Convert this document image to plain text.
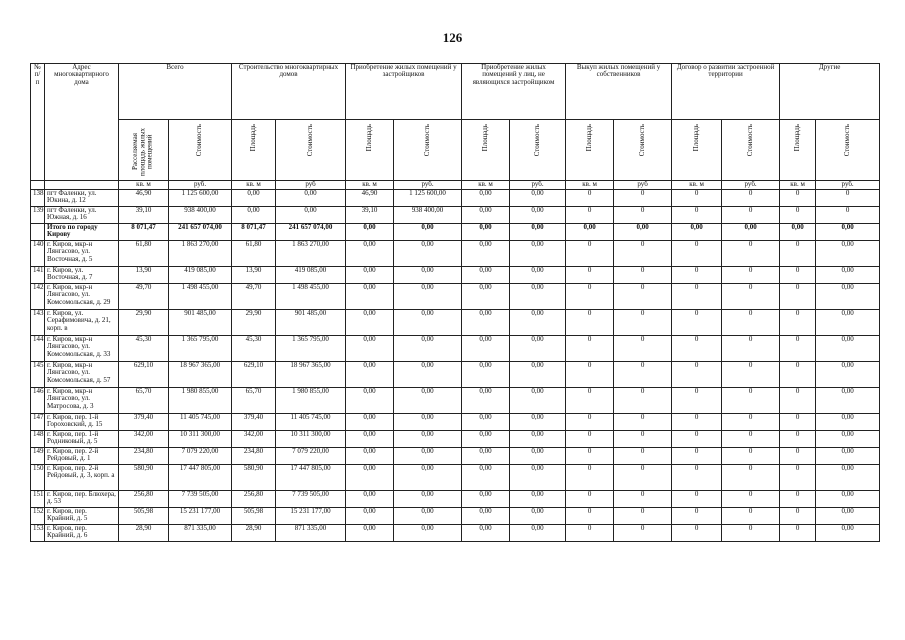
126
№ п/п	Адрес многоквартирного дома	Всего		Строительство многоквартирных домов		Приобретение жилых помещений у застройщиков		Приобретение жилых помещений у лиц, не являющихся застройщиком		Выкуп жилых помещений у собственников		Договор о развитии застроенной территории		Другие	

		Расселяемая площадь жилых помещений	Стоимость	Площадь	Стоимость	Площадь	Стоимость	Площадь	Стоимость	Площадь	Стоимость	Площадь	Стоимость	Площадь	Стоимость

		кв. м	руб.	кв. м	руб	кв. м	руб.	кв. м	руб.	кв. м	руб	кв. м	руб.	кв. м	руб.
138	пгт Фаленки, ул. Юкина, д. 12	46,90	1 125 600,00	0,00	0,00	46,90	1 125 600,00	0,00	0,00	0	0	0	0	0	0
139	пгт Фаленки, ул. Южная, д. 16	39,10	938 400,00	0,00	0,00	39,10	938 400,00	0,00	0,00	0	0	0	0	0	0
	Итого по городу Кирову	8 071,47	241 657 074,00	8 071,47	241 657 074,00	0,00	0,00	0,00	0,00	0,00	0,00	0,00	0,00	0,00	0,00
140	г. Киров, мкр-н Лянгасово, ул. Восточная, д. 5	61,80	1 863 270,00	61,80	1 863 270,00	0,00	0,00	0,00	0,00	0	0	0	0	0	0,00
141	г. Киров, ул. Восточная, д. 7	13,90	419 085,00	13,90	419 085,00	0,00	0,00	0,00	0,00	0	0	0	0	0	0,00
142	г. Киров, мкр-н Лянгасово, ул. Комсомольская, д. 29	49,70	1 498 455,00	49,70	1 498 455,00	0,00	0,00	0,00	0,00	0	0	0	0	0	0,00
143	г. Киров, ул. Серафимовича, д. 21, корп. в	29,90	901 485,00	29,90	901 485,00	0,00	0,00	0,00	0,00	0	0	0	0	0	0,00
144	г. Киров, мкр-н Лянгасово, ул. Комсомольская, д. 33	45,30	1 365 795,00	45,30	1 365 795,00	0,00	0,00	0,00	0,00	0	0	0	0	0	0,00
145	г. Киров, мкр-н Лянгасово, ул. Комсомольская, д. 57	629,10	18 967 365,00	629,10	18 967 365,00	0,00	0,00	0,00	0,00	0	0	0	0	0	0,00
146	г. Киров, мкр-н Лянгасово, ул. Матросова, д. 3	65,70	1 980 855,00	65,70	1 980 855,00	0,00	0,00	0,00	0,00	0	0	0	0	0	0,00
147	г. Киров, пер. 1-й Гороховский, д. 15	379,40	11 405 745,00	379,40	11 405 745,00	0,00	0,00	0,00	0,00	0	0	0	0	0	0,00
148	г. Киров, пер. 1-й Родниковый, д. 5	342,00	10 311 300,00	342,00	10 311 300,00	0,00	0,00	0,00	0,00	0	0	0	0	0	0,00
149	г. Киров, пер. 2-й Рейдовый, д. 1	234,80	7 079 220,00	234,80	7 079 220,00	0,00	0,00	0,00	0,00	0	0	0	0	0	0,00
150	г. Киров, пер. 2-й Рейдовый, д. 3, корп. а	580,90	17 447 805,00	580,90	17 447 805,00	0,00	0,00	0,00	0,00	0	0	0	0	0	0,00
151	г. Киров, пер. Блюхера, д. 53	256,80	7 739 505,00	256,80	7 739 505,00	0,00	0,00	0,00	0,00	0	0	0	0	0	0,00
152	г. Киров, пер. Крайний, д. 5	505,98	15 231 177,00	505,98	15 231 177,00	0,00	0,00	0,00	0,00	0	0	0	0	0	0,00
153	г. Киров, пер. Крайний, д. 6	28,90	871 335,00	28,90	871 335,00	0,00	0,00	0,00	0,00	0	0	0	0	0	0,00
